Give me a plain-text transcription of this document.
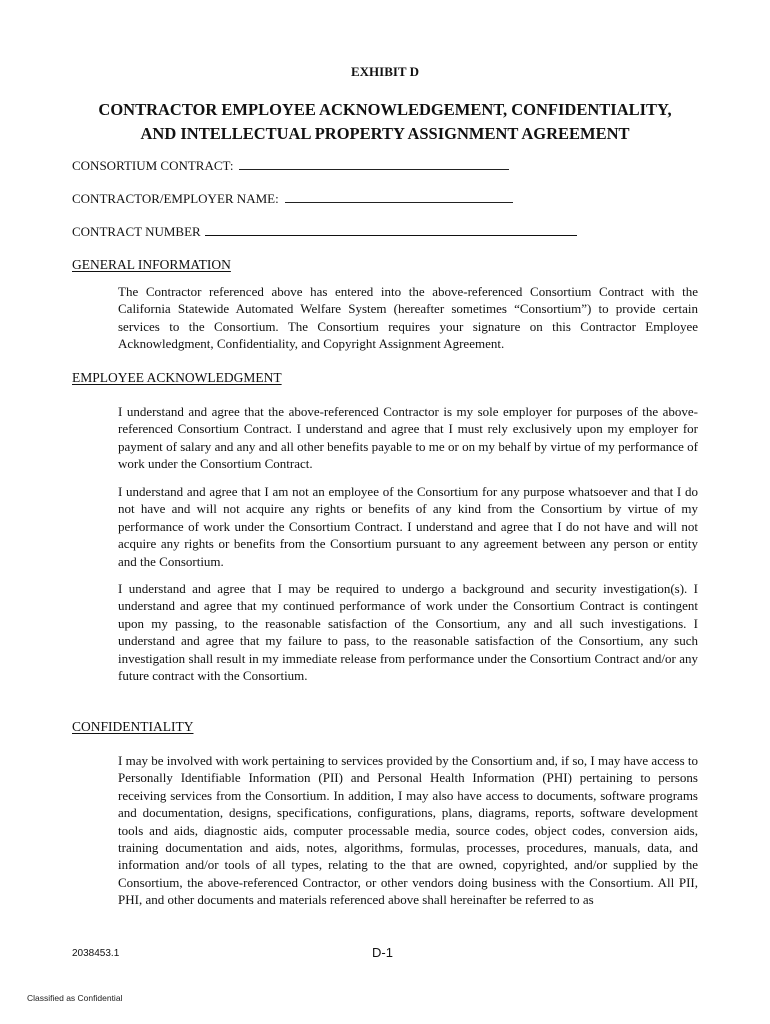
EXHIBIT D
CONTRACTOR EMPLOYEE ACKNOWLEDGEMENT, CONFIDENTIALITY,
AND INTELLECTUAL PROPERTY ASSIGNMENT AGREEMENT
CONSORTIUM CONTRACT:
CONTRACTOR/EMPLOYER NAME:
CONTRACT NUMBER
GENERAL INFORMATION

The Contractor referenced above has entered into the above-referenced Consortium Contract with the California Statewide Automated Welfare System (hereafter sometimes “Consortium”) to provide certain services to the Consortium. The Consortium requires your signature on this Contractor Employee Acknowledgment, Confidentiality, and Copyright Assignment Agreement.

EMPLOYEE ACKNOWLEDGMENT

I understand and agree that the above-referenced Contractor is my sole employer for purposes of the above-referenced Consortium Contract. I understand and agree that I must rely exclusively upon my employer for payment of salary and any and all other benefits payable to me or on my behalf by virtue of my performance of work under the Consortium Contract.

I understand and agree that I am not an employee of the Consortium for any purpose whatsoever and that I do not have and will not acquire any rights or benefits of any kind from the Consortium by virtue of my performance of work under the Consortium Contract. I understand and agree that I do not have and will not acquire any rights or benefits from the Consortium pursuant to any agreement between any person or entity and the Consortium.

I understand and agree that I may be required to undergo a background and security investigation(s). I understand and agree that my continued performance of work under the Consortium Contract is contingent upon my passing, to the reasonable satisfaction of the Consortium, any and all such investigations. I understand and agree that my failure to pass, to the reasonable satisfaction of the Consortium, any such investigation shall result in my immediate release from performance under the Consortium Contract and/or any future contract with the Consortium.

CONFIDENTIALITY

I may be involved with work pertaining to services provided by the Consortium and, if so, I may have access to Personally Identifiable Information (PII) and Personal Health Information (PHI) pertaining to persons receiving services from the Consortium. In addition, I may also have access to documents, software programs and documentation, designs, specifications, configurations, plans, diagrams, reports, software development tools and aids, diagnostic aids, computer processable media, source codes, object codes, conversion aids, training documentation and aids, notes, algorithms, formulas, processes, procedures, manuals, data, and information and/or tools of all types, relating to the that are owned, copyrighted, and/or supplied by the Consortium, the above-referenced Contractor, or other vendors doing business with the Consortium. All PII, PHI, and other documents and materials referenced above shall hereinafter be referred to as

2038453.1	D-1
Classified as Confidential
